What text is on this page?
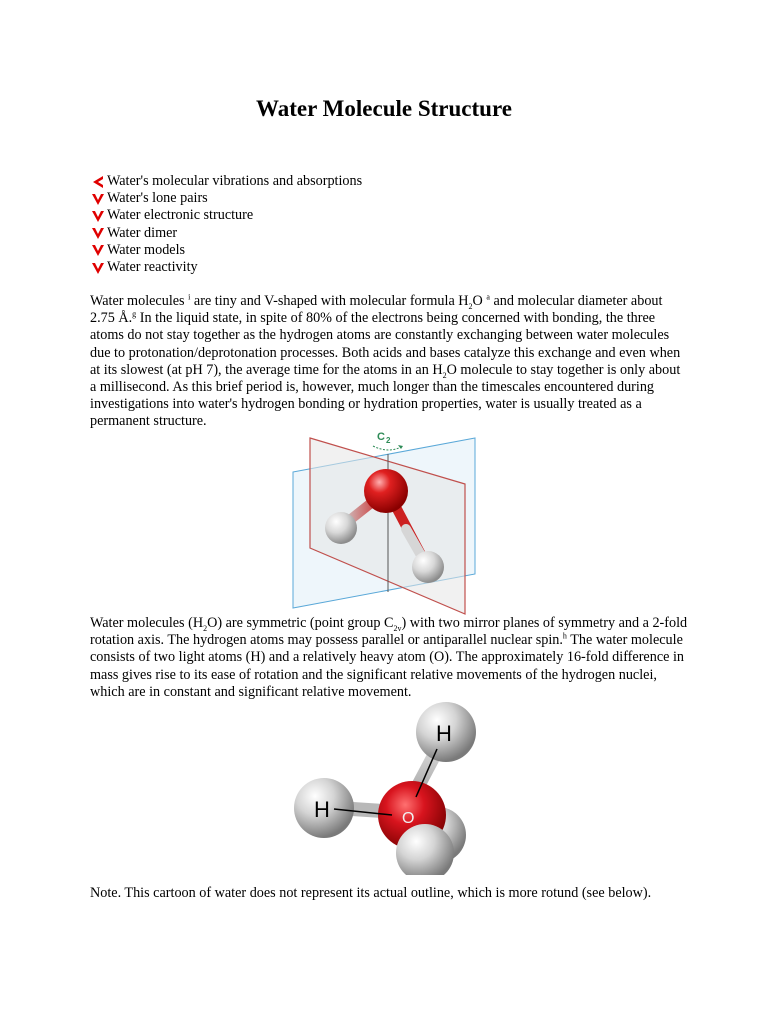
Water Molecule Structure
Water's molecular vibrations and absorptions
Water's lone pairs
Water electronic structure
Water dimer
Water models
Water reactivity

Water molecules $^i$ are tiny and V-shaped with molecular formula $H_2O$ $^a$ and molecular diameter about 2.75 Å.$^g$ In the liquid state, in spite of 80% of the electrons being concerned with bonding, the three atoms do not stay together as the hydrogen atoms are constantly exchanging between water molecules due to protonation/deprotonation processes. Both acids and bases catalyze this exchange and even when at its slowest (at pH 7), the average time for the atoms in an $H_2O$ molecule to stay together is only about a millisecond. As this brief period is, however, much longer than the timescales encountered during investigations into water's hydrogen bonding or hydration properties, water is usually treated as a permanent structure.

C 2

Water molecules $(H_2O)$ are symmetric (point group $C_{2v}$) with two mirror planes of symmetry and a 2-fold rotation axis. The hydrogen atoms may possess parallel or antiparallel nuclear spin.$^h$ The water molecule consists of two light atoms (H) and a relatively heavy atom (O). The approximately 16-fold difference in mass gives rise to its ease of rotation and the significant relative movements of the hydrogen nuclei, which are in constant and significant relative movement.

H
H	O

Note. This cartoon of water does not represent its actual outline, which is more rotund (see below).
